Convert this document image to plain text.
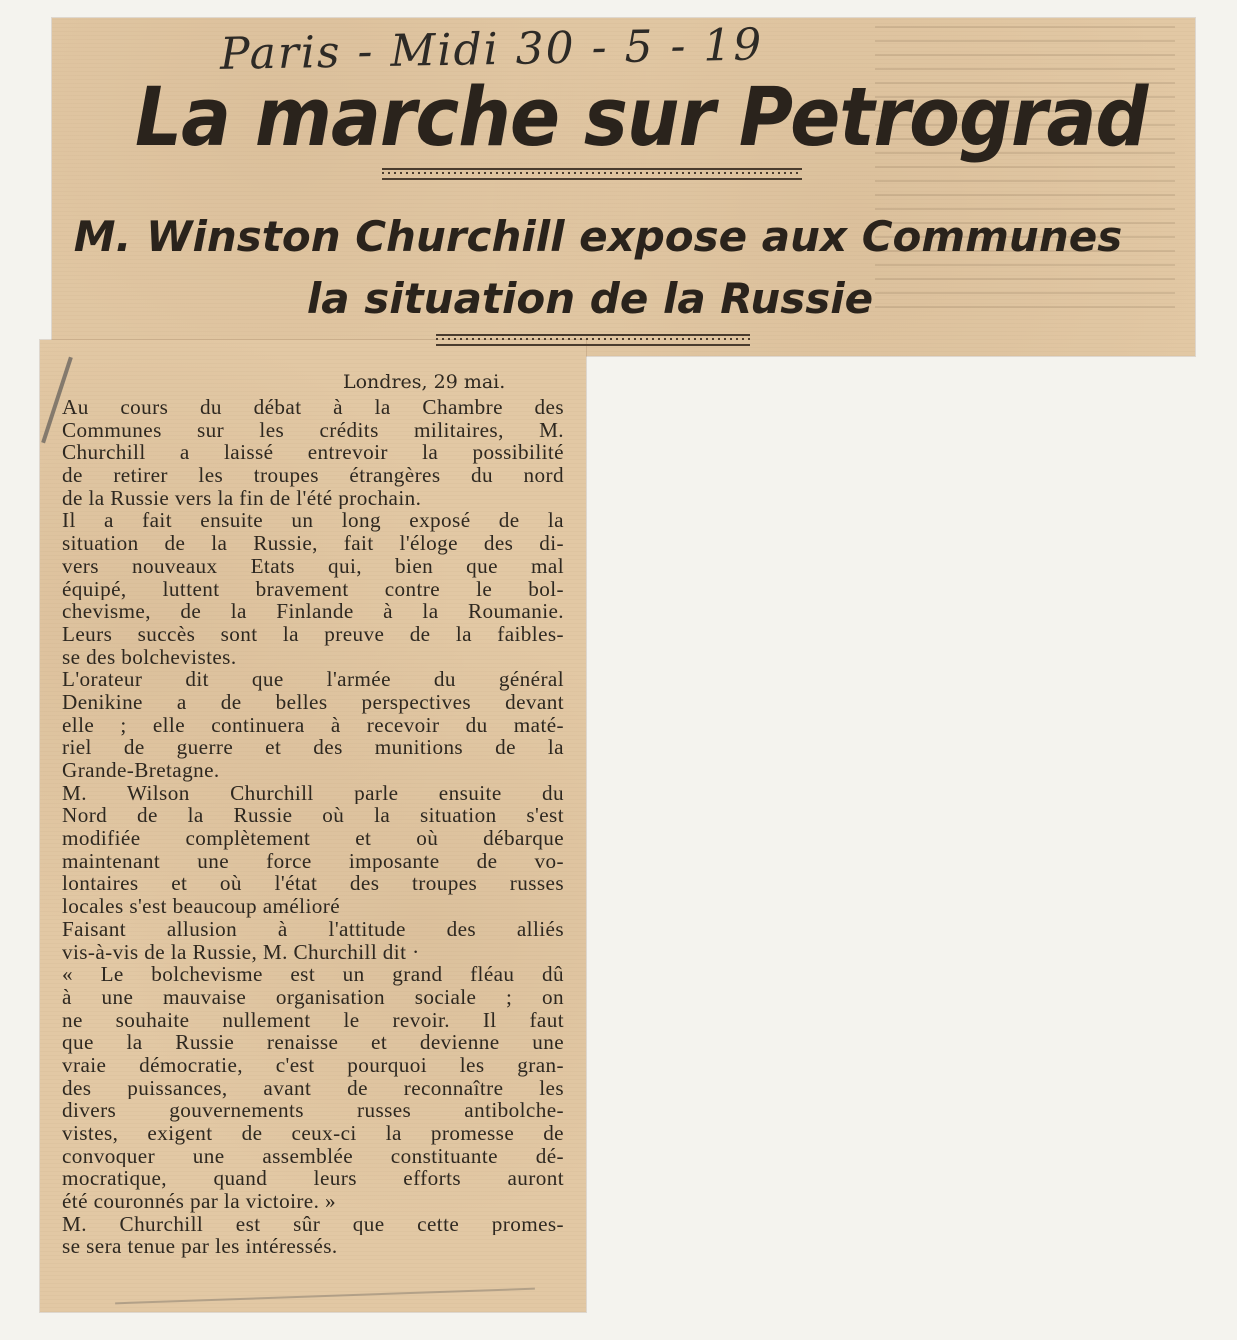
Paris - Midi 30 - 5 - 19
La marche sur Petrograd
M. Winston Churchill expose aux Communes
la situation de la Russie
Londres, 29 mai.
Au cours du débat à la Chambre des
Communes sur les crédits militaires, M.
Churchill a laissé entrevoir la possibilité
de retirer les troupes étrangères du nord
de la Russie vers la fin de l'été prochain.
Il a fait ensuite un long exposé de la
situation de la Russie, fait l'éloge des di-
vers nouveaux Etats qui, bien que mal
équipé, luttent bravement contre le bol-
chevisme, de la Finlande à la Roumanie.
Leurs succès sont la preuve de la faibles-
se des bolchevistes.
L'orateur dit que l'armée du général
Denikine a de belles perspectives devant
elle ; elle continuera à recevoir du maté-
riel de guerre et des munitions de la
Grande-Bretagne.
M. Wilson Churchill parle ensuite du
Nord de la Russie où la situation s'est
modifiée complètement et où débarque
maintenant une force imposante de vo-
lontaires et où l'état des troupes russes
locales s'est beaucoup amélioré
Faisant allusion à l'attitude des alliés
vis-à-vis de la Russie, M. Churchill dit ·
« Le bolchevisme est un grand fléau dû
à une mauvaise organisation sociale ; on
ne souhaite nullement le revoir. Il faut
que la Russie renaisse et devienne une
vraie démocratie, c'est pourquoi les gran-
des puissances, avant de reconnaître les
divers gouvernements russes antibolche-
vistes, exigent de ceux-ci la promesse de
convoquer une assemblée constituante dé-
mocratique, quand leurs efforts auront
été couronnés par la victoire. »
M. Churchill est sûr que cette promes-
se sera tenue par les intéressés.
